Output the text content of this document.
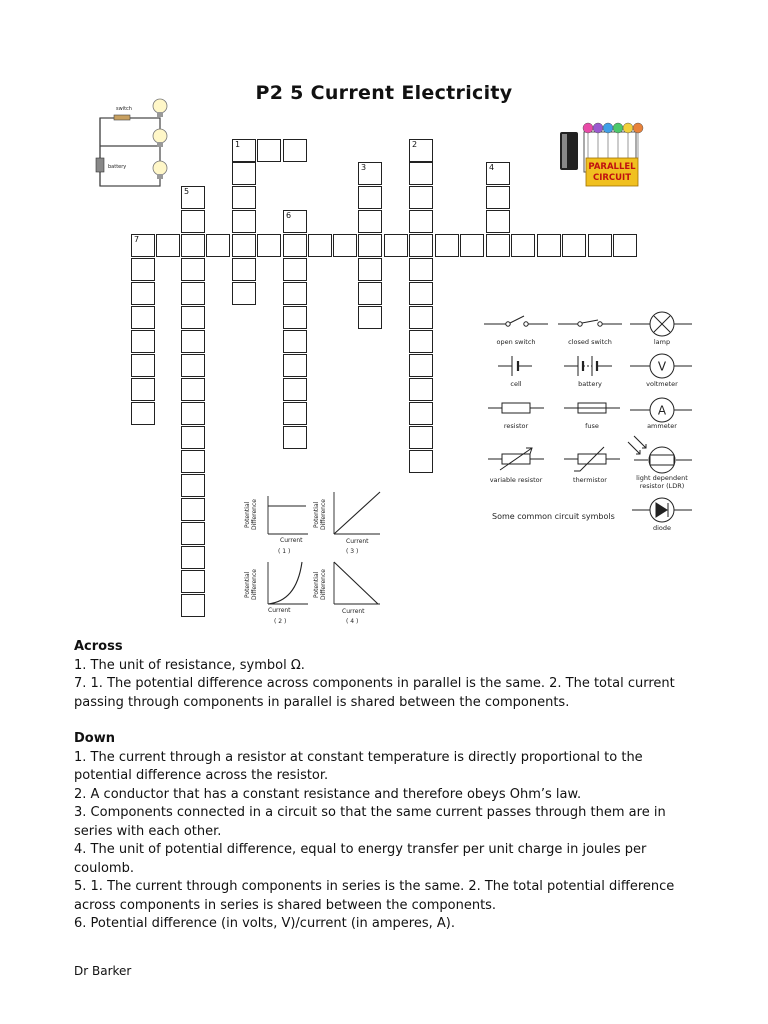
P2 5 Current Electricity
switch
battery	PARALLEL
CIRCUIT
1	2
3	4
5
6
7
open switch	closed switch	lamp
cell	battery	voltmeter
V
resistor	fuse	ammeter
A
variable resistor	thermistor	light dependent
resistor (LDR)
Some common circuit symbols
diode
Potential Difference
Current
( 1 )
Potential Difference
Current
( 3 )
Potential Difference
Current
( 2 )
Potential Difference
Current
( 4 )

Across

1. The unit of resistance, symbol Ω.

7. 1. The potential difference across components in parallel is the same. 2. The total current passing through components in parallel is shared between the components.

Down

1. The current through a resistor at constant temperature is directly proportional to the potential difference across the resistor.

2. A conductor that has a constant resistance and therefore obeys Ohm’s law.

3. Components connected in a circuit so that the same current passes through them are in series with each other.

4. The unit of potential difference, equal to energy transfer per unit charge in joules per coulomb.

5. 1. The current through components in series is the same. 2. The total potential difference across components in series is shared between the components.

6. Potential difference (in volts, V)/current (in amperes, A).

Dr Barker
